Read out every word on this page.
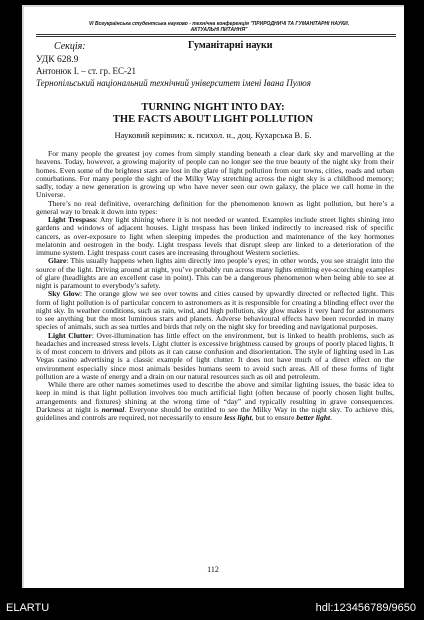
VI Всеукраїнська студентська науково - технічна конференція "ПРИРОДНИЧІ ТА ГУМАНІТАРНІ НАУКИ.
АКТУАЛЬНІ ПИТАННЯ"
Секція:	Гуманітарні науки
УДК 628.9
Антонюк І. – ст. гр. ЕС-21
Тернопільський національний технічний університет імені Івана Пулюя
TURNING NIGHT INTO DAY:
THE FACTS ABOUT LIGHT POLLUTION
Науковий керівник: к. психол. н., доц. Кухарська В. Б.

For many people the greatest joy comes from simply standing beneath a clear dark sky and marvelling at the heavens. Today, however, a growing majority of people can no longer see the true beauty of the night sky from their homes. Even some of the brightest stars are lost in the glare of light pollution from our towns, cities, roads and urban conurbations. For many people the sight of the Milky Way stretching across the night sky is a childhood memory; sadly, today a new generation is growing up who have never seen our own galaxy, the place we call home in the Universe.

There’s no real definitive, overarching definition for the phenomenon known as light pollution, but here’s a general way to break it down into types:

Light Trespass: Any light shining where it is not needed or wanted. Examples include street lights shining into gardens and windows of adjacent houses. Light trespass has been linked indirectly to increased risk of specific cancers, as over-exposure to light when sleeping impedes the production and maintenance of the key hormones melatonin and oestrogen in the body. Light trespass levels that disrupt sleep are linked to a deterioration of the immune system. Light trespass court cases are increasing throughout Western societies.

Glare: This usually happens when lights aim directly into people’s eyes; in other words, you see straight into the source of the light. Driving around at night, you’ve probably run across many lights emitting eye-scorching examples of glare (headlights are an excellent case in point). This can be a dangerous phenomenon when being able to see at night is paramount to everybody’s safety.

Sky Glow: The orange glow we see over towns and cities caused by upwardly directed or reflected light. This form of light pollution is of particular concern to astronomers as it is responsible for creating a blinding effect over the night sky. In weather conditions, such as rain, wind, and high pollution, sky glow makes it very hard for astronomers to see anything but the most luminous stars and planets. Adverse behavioural effects have been recorded in many species of animals, such as sea turtles and birds that rely on the night sky for breeding and navigational purposes.

Light Clutter: Over-illumination has little effect on the environment, but is linked to health problems, such as headaches and increased stress levels. Light clutter is excessive brightness caused by groups of poorly placed lights. It is of most concern to drivers and pilots as it can cause confusion and disorientation. The style of lighting used in Las Vegas casino advertising is a classic example of light clutter. It does not have much of a direct effect on the environment especially since most animals besides humans seem to avoid such areas. All of these forms of light pollution are a waste of energy and a drain on our natural resources such as oil and petroleum.

While there are other names sometimes used to describe the above and similar lighting issues, the basic idea to keep in mind is that light pollution involves too much artificial light (often because of poorly chosen light bulbs, arrangements and fixtures) shining at the wrong time of “day” and typically resulting in grave consequences. Darkness at night is normal. Everyone should be entitled to see the Milky Way in the night sky. To achieve this, guidelines and controls are required, not necessarily to ensure less light, but to ensure better light.

112
ELARTU	hdl:123456789/9650
